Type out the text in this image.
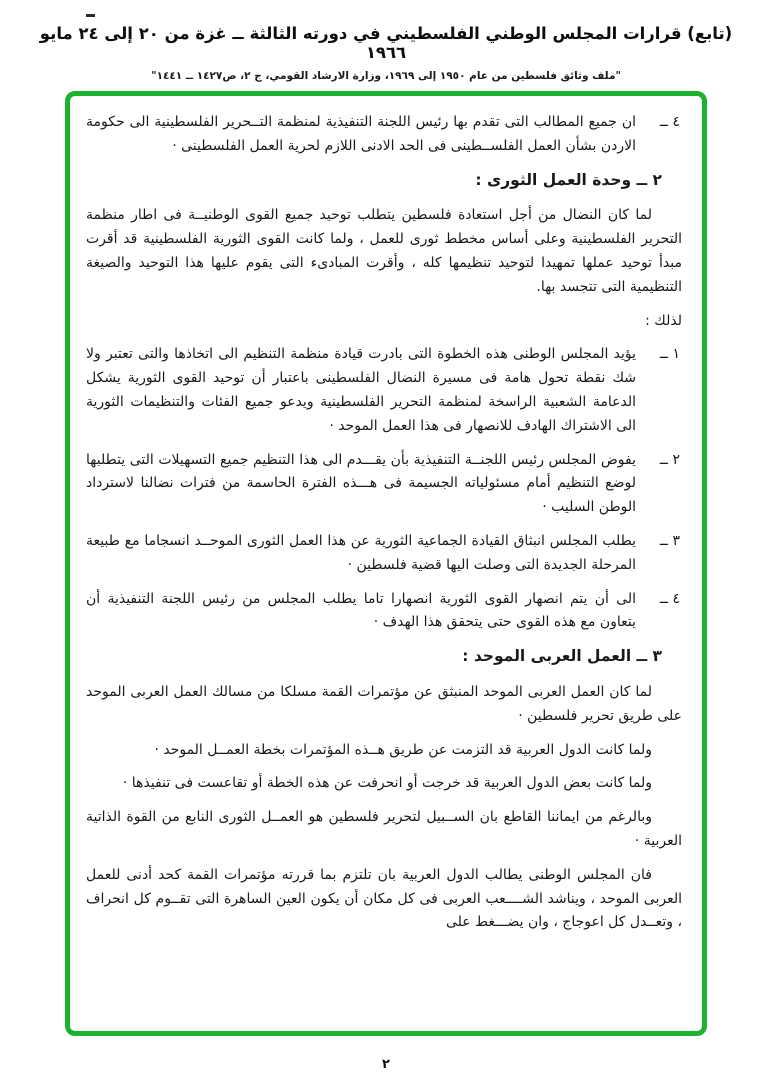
(تابع) قرارات المجلس الوطني الفلسطيني في دورته الثالثة ــ غزة من ٢٠ إلى ٢٤ مايو ١٩٦٦
"ملف وثائق فلسطين من عام ١٩٥٠ إلى ١٩٦٩، وزارة الارشاد القومي، ج ٢، ص١٤٢٧ ــ ١٤٤١"
٤ ــ
ان جميع المطالب التى تقدم بها رئيس اللجنة التنفيذية لمنظمة التــحرير الفلسطينية الى حكومة الاردن بشأن العمل الفلســطينى فى الحد الادنى اللازم لحرية العمل الفلسطينى ·
٢ ــ وحدة العمل الثورى :
لما كان النضال من أجل استعادة فلسطين يتطلب توحيد جميع القوى الوطنيــة فى اطار منظمة التحرير الفلسطينية وعلى أساس مخطط ثورى للعمل ، ولما كانت القوى الثورية الفلسطينية قد أقرت مبدأ توحيد عملها تمهيدا لتوحيد تنظيمها كله ، وأقرت المبادىء التى يقوم عليها هذا التوحيد والصيغة التنظيمية التى تتجسد بها.
لذلك :
١ ــ
يؤيد المجلس الوطنى هذه الخطوة التى بادرت قيادة منظمة التنظيم الى اتخاذها والتى تعتبر ولا شك نقطة تحول هامة فى مسيرة النضال الفلسطينى باعتبار أن توحيد القوى الثورية يشكل الدعامة الشعبية الراسخة لمنظمة التحرير الفلسطينية ويدعو جميع الفئات والتنظيمات الثورية الى الاشتراك الهادف للانصهار فى هذا العمل الموحد ·
٢ ــ
يفوض المجلس رئيس اللجنــة التنفيذية بأن يقـــدم الى هذا التنظيم جميع التسهيلات التى يتطلبها لوضع التنظيم أمام مسئولياته الجسيمة فى هـــذه الفترة الحاسمة من فترات نضالنا لاسترداد الوطن السليب ·
٣ ــ
يطلب المجلس انبثاق القيادة الجماعية الثورية عن هذا العمل الثورى الموحــد انسجاما مع طبيعة المرحلة الجديدة التى وصلت اليها قضية فلسطين ·
٤ ــ
الى أن يتم انصهار القوى الثورية انصهارا تاما يطلب المجلس من رئيس اللجنة التنفيذية أن يتعاون مع هذه القوى حتى يتحقق هذا الهدف ·
٣ ــ العمل العربى الموحد :
لما كان العمل العربى الموحد المنبثق عن مؤتمرات القمة مسلكا من مسالك العمل العربى الموحد على طريق تحرير فلسطين ·
ولما كانت الدول العربية قد التزمت عن طريق هــذه المؤتمرات بخطة العمــل الموحد ·
ولما كانت بعض الدول العربية قد خرجت أو انحرفت عن هذه الخطة أو تقاعست فى تنفيذها ·
وبالرغم من ايماننا القاطع بان الســبيل لتحرير فلسطين هو العمــل الثورى النابع من القوة الذاتية العربية ·
فان المجلس الوطنى يطالب الدول العربية بان تلتزم بما قررته مؤتمرات القمة كحد أدنى للعمل العربى الموحد ، ويناشد الشــــعب العربى فى كل مكان أن يكون العين الساهرة التى تقــوم كل انحراف ، وتعــدل كل اعوجاج ، وان يضـــغط على
٢
